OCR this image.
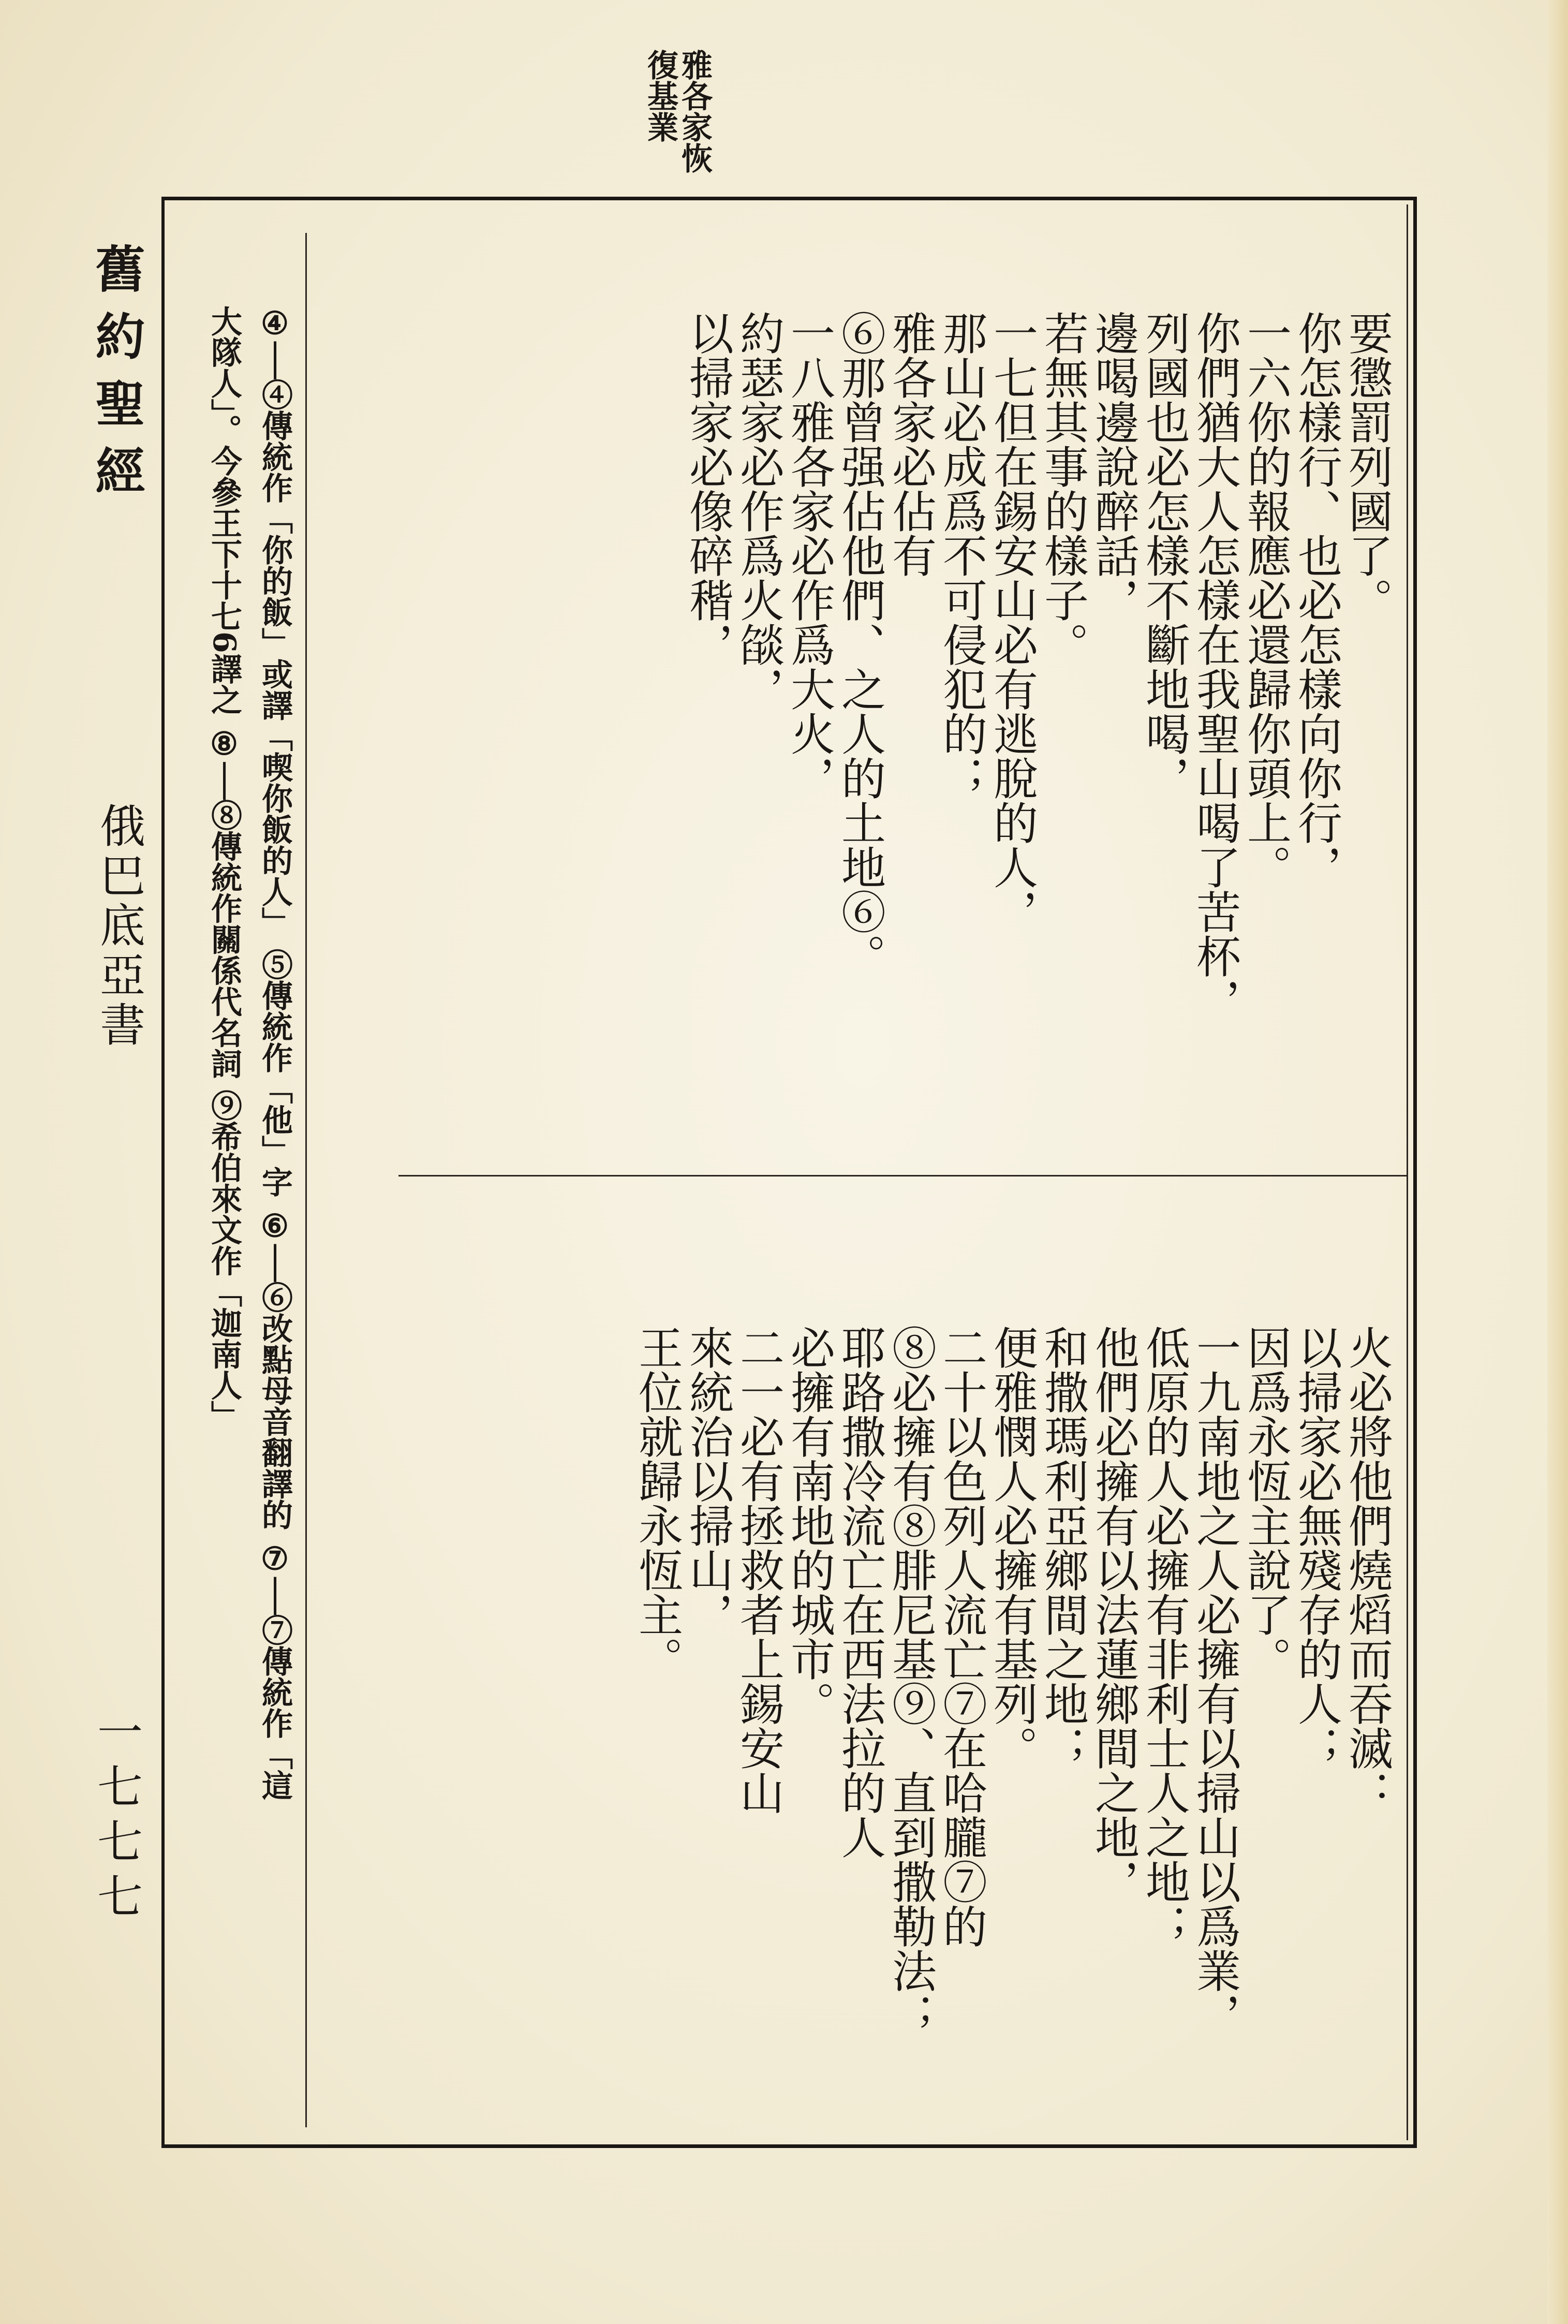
雅各家恢
復基業
要懲罰列國了。
你怎樣行、也必怎樣向你行，
一六你的報應必還歸你頭上。
你們猶大人怎樣在我聖山喝了苦杯，
列國也必怎樣不斷地喝，
邊喝邊說醉話，
若無其事的樣子。
一七但在錫安山必有逃脫的人，
那山必成爲不可侵犯的；
雅各家必佔有
⑥那曾强佔他們、之人的土地⑥。
一八雅各家必作爲大火，
約瑟家必作爲火燄，
以掃家必像碎稭，
火必將他們燒熖而吞滅：
以掃家必無殘存的人；
因爲永恆主說了。
一九南地之人必擁有以掃山以爲業，
低原的人必擁有非利士人之地；
他們必擁有以法蓮鄉間之地，
和撒瑪利亞鄉間之地；
便雅憫人必擁有基列。
二十以色列人流亡⑦在哈朧⑦的
⑧必擁有⑧腓尼基⑨、直到撒勒法；
耶路撒冷流亡在西法拉的人
必擁有南地的城市。
二一必有拯救者上錫安山
來統治以掃山，
王位就歸永恆主。
④──④傳統作「你的飯」或譯「喫你飯的人」 ⑤傳統作「他」字 ⑥──⑥改點母音翻譯的 ⑦──⑦傳統作「這
大隊人」。今參王下十七6譯之 ⑧──⑧傳統作關係代名詞 ⑨希伯來文作「迦南人」
舊約聖經
俄巴底亞書
一七七七
